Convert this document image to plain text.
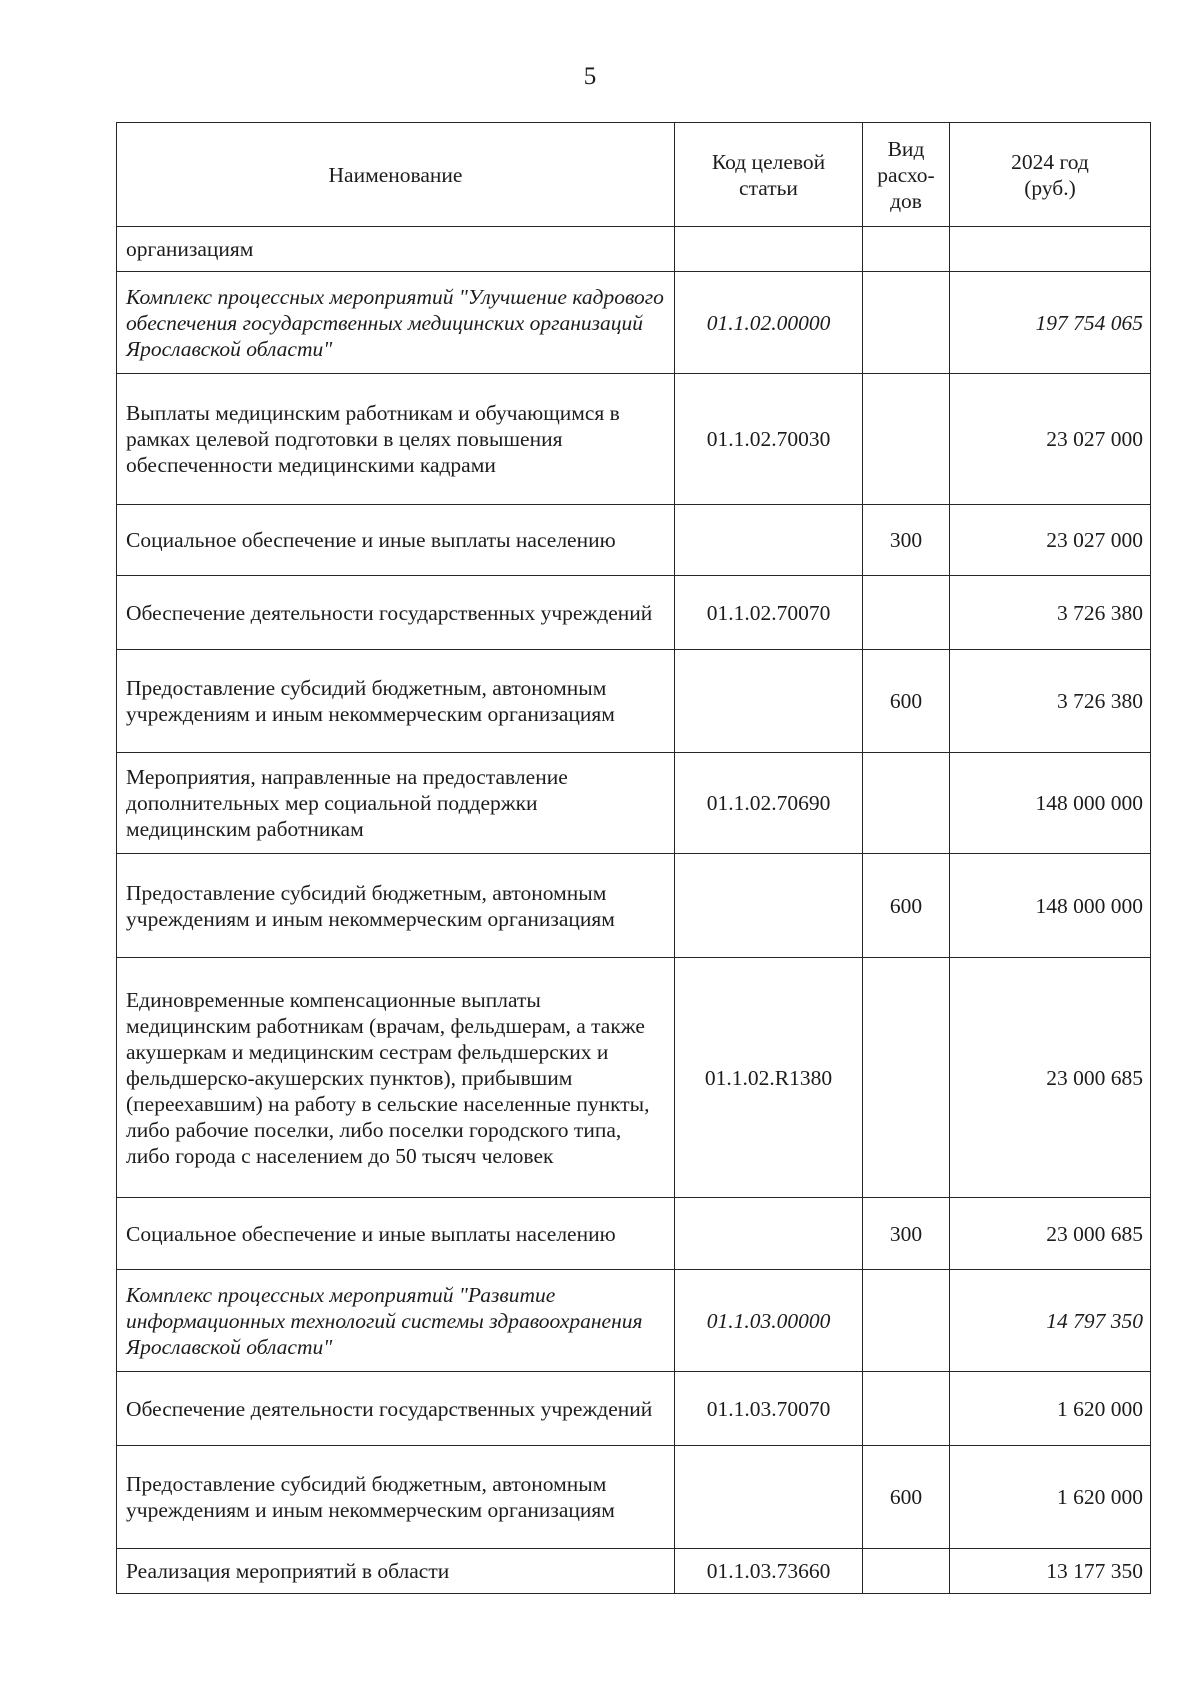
5
Наименование	Код целевой статьи	Вид расхо-дов	2024 год (руб.)
организациям			
Комплекс процессных мероприятий "Улучшение кадрового обеспечения государственных медицинских организаций Ярославской области"	01.1.02.00000		197 754 065
Выплаты медицинским работникам и обучающимся в рамках целевой подготовки в целях повышения обеспеченности медицинскими кадрами	01.1.02.70030		23 027 000
Социальное обеспечение и иные выплаты населению		300	23 027 000
Обеспечение деятельности государственных учреждений	01.1.02.70070		3 726 380
Предоставление субсидий бюджетным, автономным учреждениям и иным некоммерческим организациям		600	3 726 380
Мероприятия, направленные на предоставление дополнительных мер социальной поддержки медицинским работникам	01.1.02.70690		148 000 000
Предоставление субсидий бюджетным, автономным учреждениям и иным некоммерческим организациям		600	148 000 000
Единовременные компенсационные выплаты медицинским работникам (врачам, фельдшерам, а также акушеркам и медицинским сестрам фельдшерских и фельдшерско-акушерских пунктов), прибывшим (переехавшим) на работу в сельские населенные пункты, либо рабочие поселки, либо поселки городского типа, либо города с населением до 50 тысяч человек	01.1.02.R1380		23 000 685
Социальное обеспечение и иные выплаты населению		300	23 000 685
Комплекс процессных мероприятий "Развитие информационных технологий системы здравоохранения Ярославской области"	01.1.03.00000		14 797 350
Обеспечение деятельности государственных учреждений	01.1.03.70070		1 620 000
Предоставление субсидий бюджетным, автономным учреждениям и иным некоммерческим организациям		600	1 620 000
Реализация мероприятий в области	01.1.03.73660		13 177 350
